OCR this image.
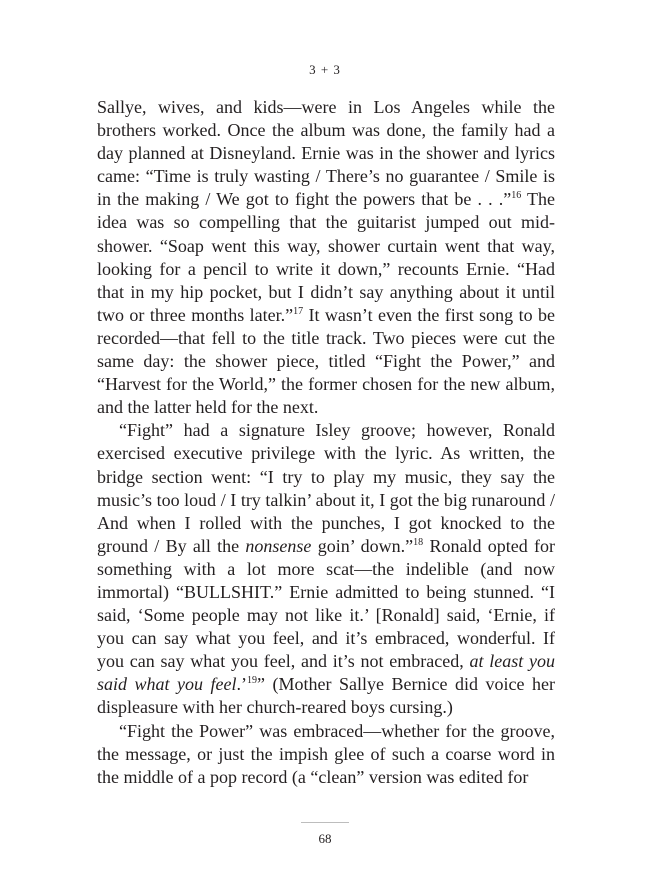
3 + 3

Sallye, wives, and kids—were in Los Angeles while the brothers worked. Once the album was done, the family had a day planned at Disneyland. Ernie was in the shower and lyrics came: “Time is truly wasting / There’s no guarantee / Smile is in the making / We got to fight the powers that be . . .”$^{16}$ The idea was so compelling that the guitarist jumped out mid-shower. “Soap went this way, shower curtain went that way, looking for a pencil to write it down,” recounts Ernie. “Had that in my hip pocket, but I didn’t say anything about it until two or three months later.”$^{17}$ It wasn’t even the first song to be recorded—that fell to the title track. Two pieces were cut the same day: the shower piece, titled “Fight the Power,” and “Harvest for the World,” the former chosen for the new album, and the latter held for the next.

“Fight” had a signature Isley groove; however, Ronald exercised executive privilege with the lyric. As written, the bridge section went: “I try to play my music, they say the music’s too loud / I try talkin’ about it, I got the big runaround / And when I rolled with the punches, I got knocked to the ground / By all the nonsense goin’ down.”$^{18}$ Ronald opted for something with a lot more scat—the indelible (and now immortal) “BULLSHIT.” Ernie admitted to being stunned. “I said, ‘Some people may not like it.’ [Ronald] said, ‘Ernie, if you can say what you feel, and it’s embraced, wonderful. If you can say what you feel, and it’s not embraced, at least you said what you feel.’$^{19}$” (Mother Sallye Bernice did voice her displeasure with her church-reared boys cursing.)

“Fight the Power” was embraced—whether for the groove, the message, or just the impish glee of such a coarse word in the middle of a pop record (a “clean” version was edited for

68
